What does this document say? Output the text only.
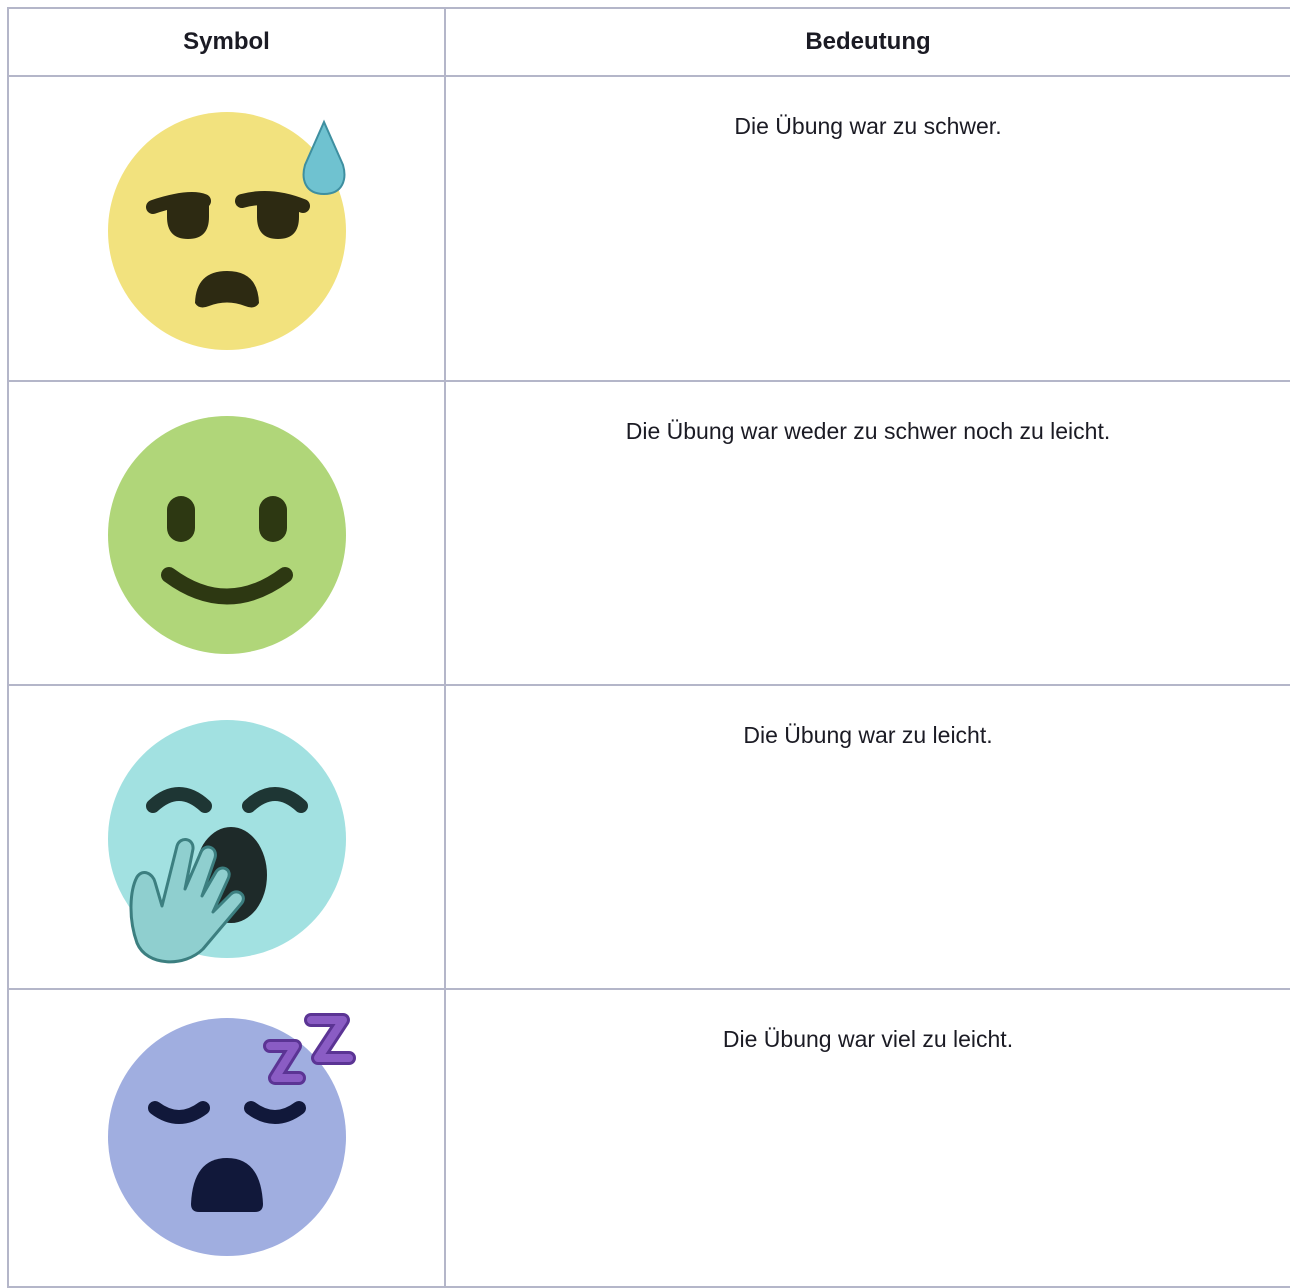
Symbol	Bedeutung

Die Übung war zu schwer.

Die Übung war weder zu schwer noch zu leicht.

Die Übung war zu leicht.

Die Übung war viel zu leicht.
